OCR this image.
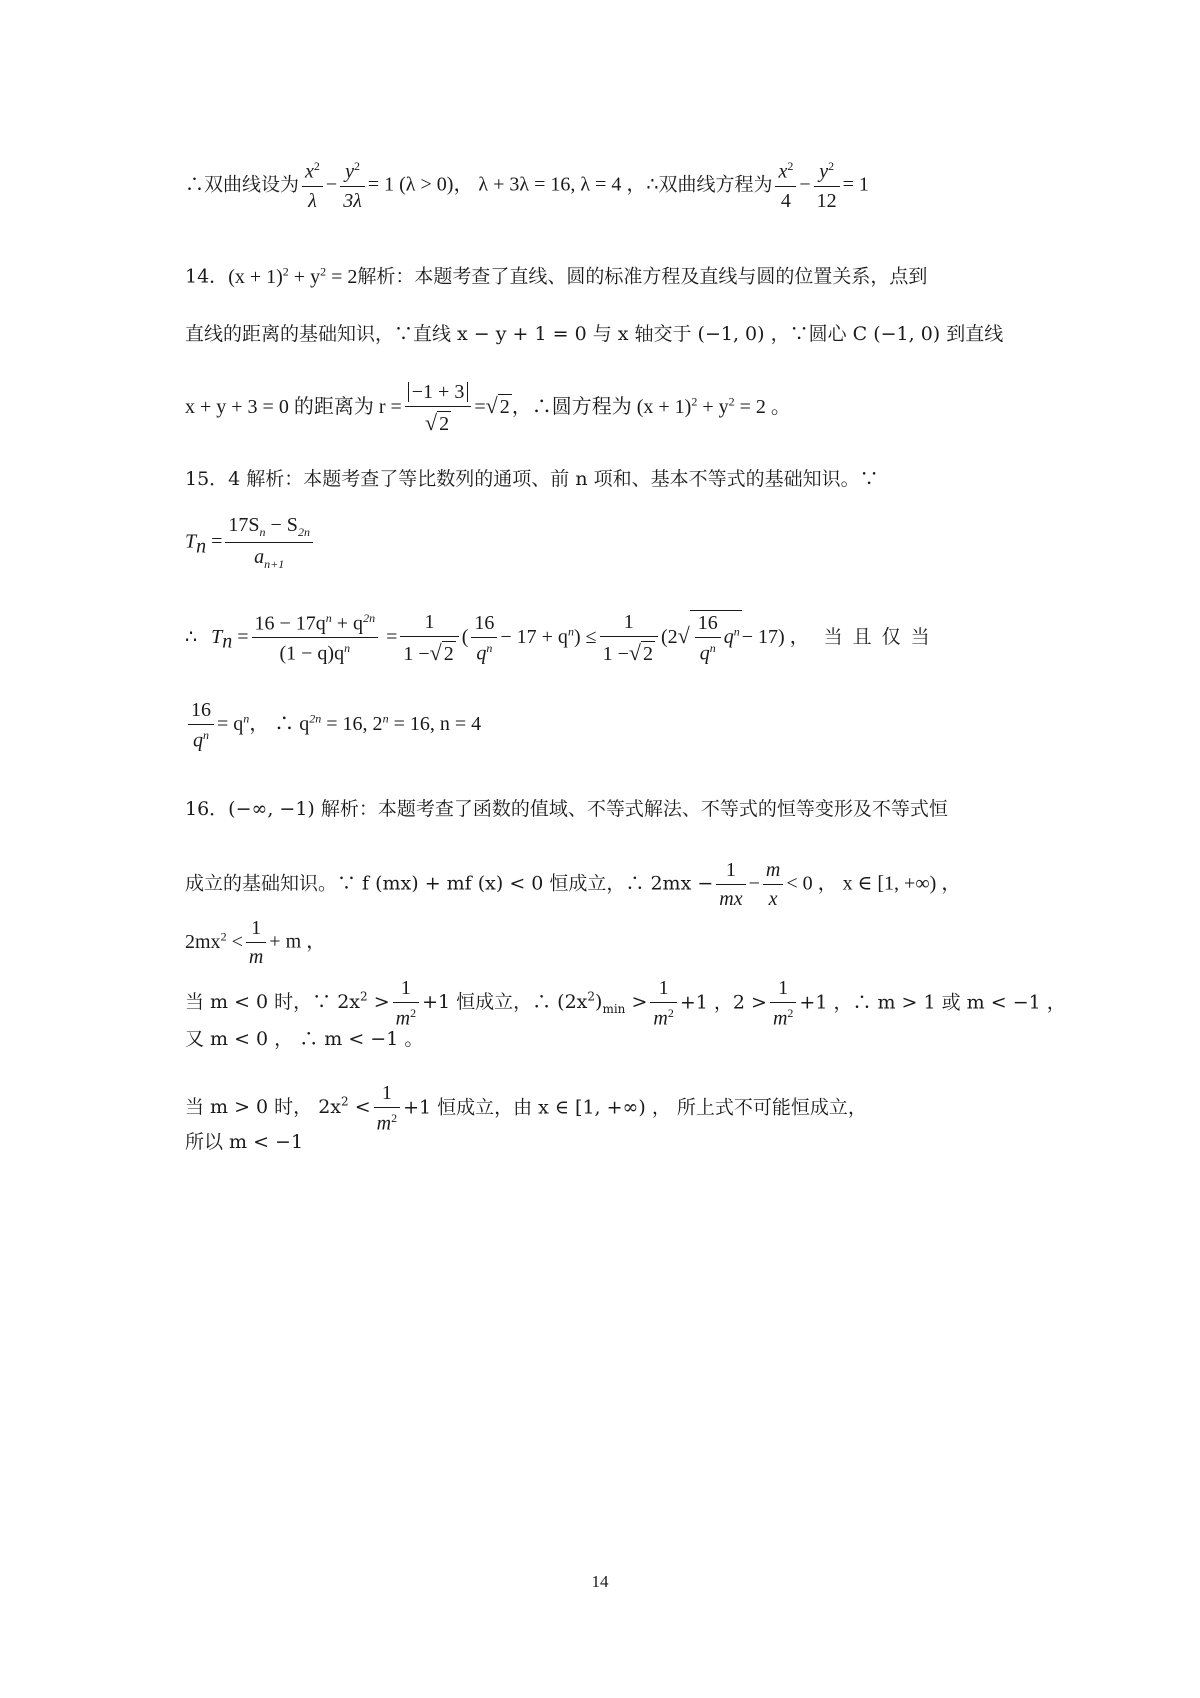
∴双曲线设为 $\frac{x^2}{\lambda} - \frac{y^2}{3\lambda} = 1$ (λ > 0)， λ + 3λ = 16, λ = 4 ，∴双曲线方程为 $\frac{x^2}{4} - \frac{y^2}{12} = 1$
14．$(x + 1)^2 + y^2 = 2$解析：本题考查了直线、圆的标准方程及直线与圆的位置关系，点到
直线的距离的基础知识，∵直线 x − y + 1 = 0 与 x 轴交于 (−1, 0) ，∵圆心 C (−1, 0) 到直线
x + y + 3 = 0 的距离为 $r = \frac{-1 + 3}{√ 2}$ =√ 2 ，∴圆方程为 $(x + 1)^2 + y^2 = 2$ 。
15．4 解析：本题考查了等比数列的通项、前 n 项和、基本不等式的基础知识。∵
$T_n = \frac{17S_n - S_{2n}}{a_{n+1}}$
∴ $T_n = \frac{16 - 17q^n + q^{2n}}{(1 - q)q^n} = \frac{1}{1 -√ 2}$ ( $\frac{16}{q^n} - 17 + q^n) \le \frac{1}{1 -√ 2} (2√ \frac{16}{q^n} q^n - 17)$ ， 当且仅当
$\frac{16}{q^n} = q^n$， ∴ $q^{2n} = 16$, $2^n = 16$, n = 4
16．(−∞, −1) 解析：本题考查了函数的值域、不等式解法、不等式的恒等变形及不等式恒
成立的基础知识。∵ f (mx) + mf (x) < 0 恒成立，∴ $2mx - \frac{1}{mx} - \frac{m}{x} < 0$ ， x ∈ [1, +∞) ，
$2mx^2 < \frac{1}{m} + m$ ，
当 m < 0 时，∵ $2x^2 > \frac{1}{m^2} +1$ 恒成立，∴ $(2x^2)_{min} > \frac{1}{m^2} +1$ ，$2 > \frac{1}{m^2} +1$ ，∴ m > 1 或 m < −1 ，
又 m < 0 ， ∴ m < −1 。
当 m > 0 时， $2x^2 < \frac{1}{m^2} +1$ 恒成立，由 x ∈ [1, +∞) ， 所上式不可能恒成立，
所以 m < −1
14
